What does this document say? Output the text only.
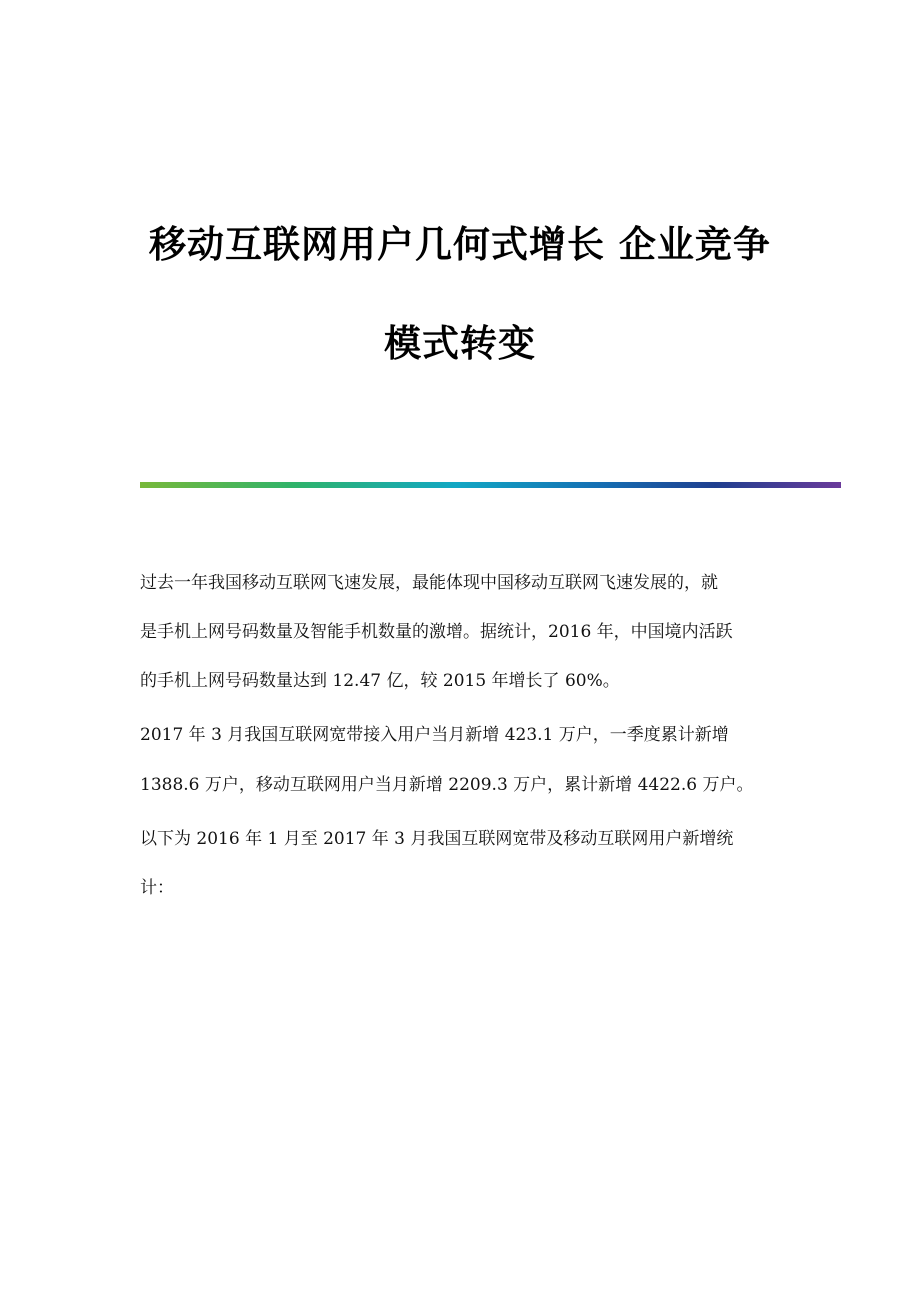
移动互联网用户几何式增长 企业竞争
模式转变
过去一年我国移动互联网飞速发展，最能体现中国移动互联网飞速发展的，就
是手机上网号码数量及智能手机数量的激增。据统计，2016 年，中国境内活跃
的手机上网号码数量达到 12.47 亿，较 2015 年增长了 60%。
2017 年 3 月我国互联网宽带接入用户当月新增 423.1 万户，一季度累计新增
1388.6 万户，移动互联网用户当月新增 2209.3 万户，累计新增 4422.6 万户。
以下为 2016 年 1 月至 2017 年 3 月我国互联网宽带及移动互联网用户新增统
计：
